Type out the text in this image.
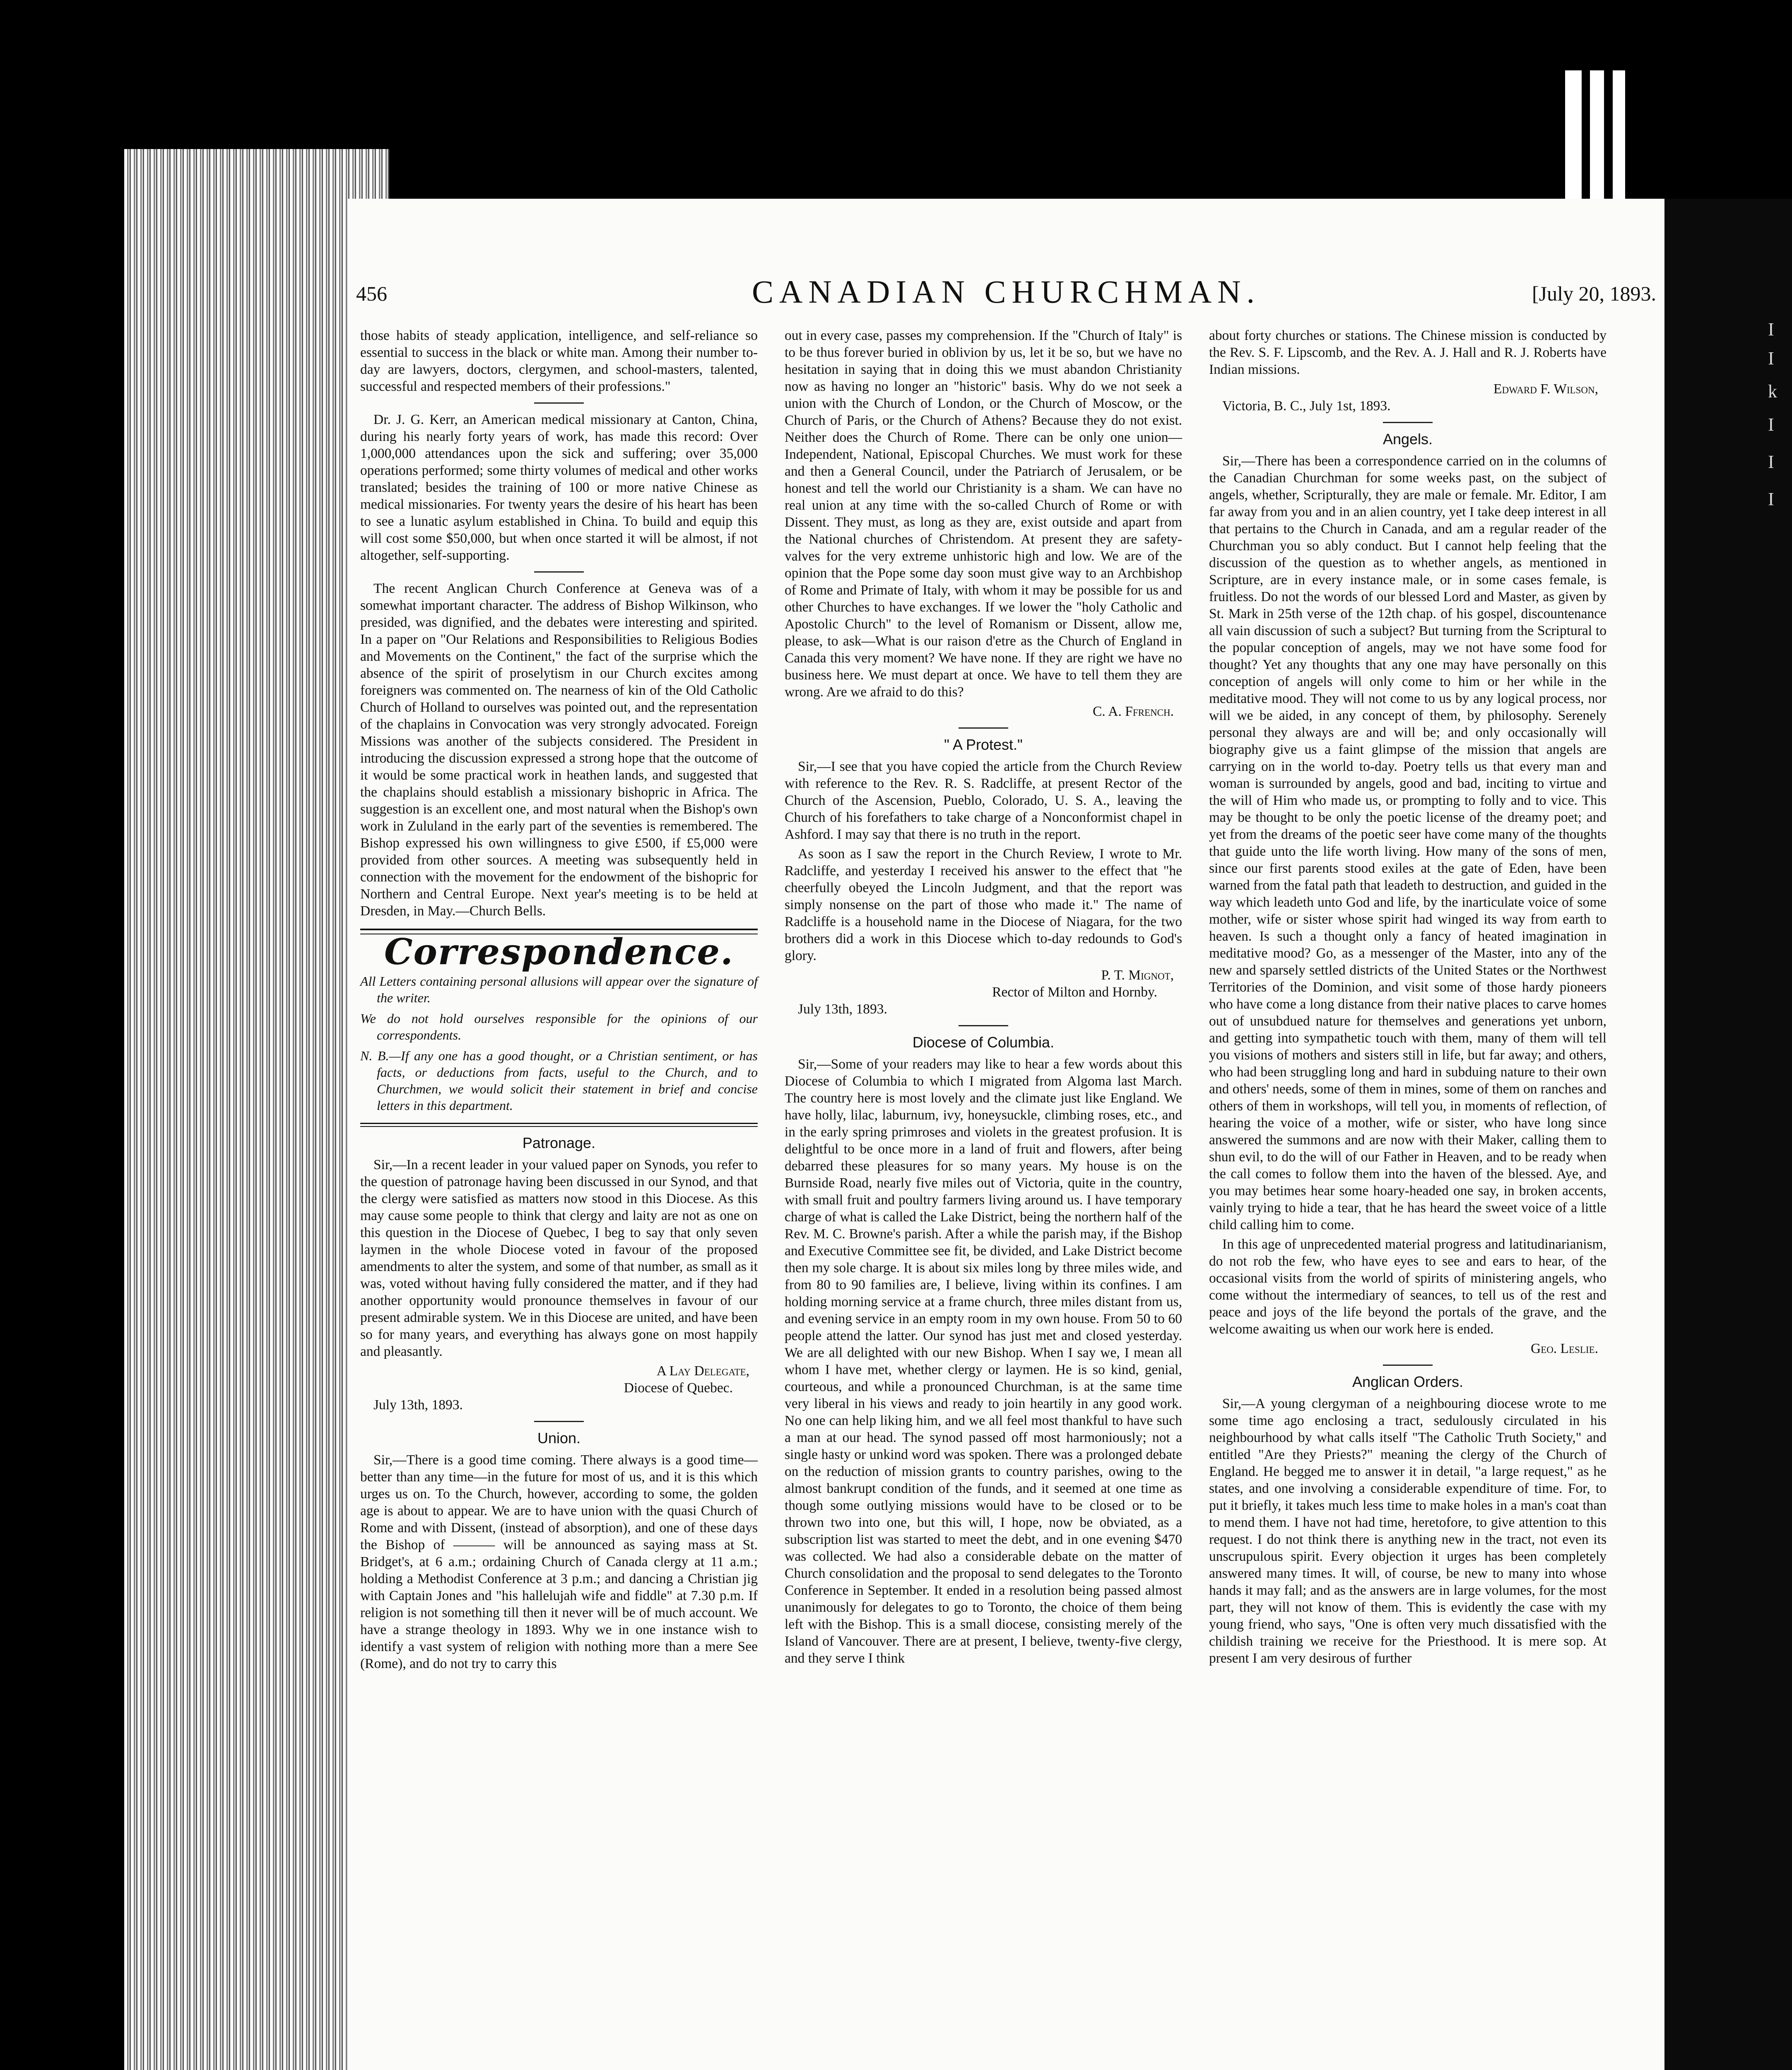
I
I
k
I
I
I
456	CANADIAN CHURCHMAN.	[July 20, 1893.

those habits of steady application, intelligence, and self-reliance so essential to success in the black or white man. Among their number to-day are lawyers, doctors, clergymen, and school-masters, talented, successful and respected members of their professions."

Dr. J. G. Kerr, an American medical missionary at Canton, China, during his nearly forty years of work, has made this record: Over 1,000,000 attendances upon the sick and suffering; over 35,000 operations performed; some thirty volumes of medical and other works translated; besides the training of 100 or more native Chinese as medical missionaries. For twenty years the desire of his heart has been to see a lunatic asylum established in China. To build and equip this will cost some $50,000, but when once started it will be almost, if not altogether, self-supporting.

The recent Anglican Church Conference at Geneva was of a somewhat important character. The address of Bishop Wilkinson, who presided, was dignified, and the debates were interesting and spirited. In a paper on "Our Relations and Responsibilities to Religious Bodies and Movements on the Continent," the fact of the surprise which the absence of the spirit of proselytism in our Church excites among foreigners was commented on. The nearness of kin of the Old Catholic Church of Holland to ourselves was pointed out, and the representation of the chaplains in Convocation was very strongly advocated. Foreign Missions was another of the subjects considered. The President in introducing the discussion expressed a strong hope that the outcome of it would be some practical work in heathen lands, and suggested that the chaplains should establish a missionary bishopric in Africa. The suggestion is an excellent one, and most natural when the Bishop's own work in Zululand in the early part of the seventies is remembered. The Bishop expressed his own willingness to give £500, if £5,000 were provided from other sources. A meeting was subsequently held in connection with the movement for the endowment of the bishopric for Northern and Central Europe. Next year's meeting is to be held at Dresden, in May.—Church Bells.

Correspondence.
All Letters containing personal allusions will appear over the signature of the writer.
We do not hold ourselves responsible for the opinions of our correspondents.
N. B.—If any one has a good thought, or a Christian sentiment, or has facts, or deductions from facts, useful to the Church, and to Churchmen, we would solicit their statement in brief and concise letters in this department.
Patronage.

Sir,—In a recent leader in your valued paper on Synods, you refer to the question of patronage having been discussed in our Synod, and that the clergy were satisfied as matters now stood in this Diocese. As this may cause some people to think that clergy and laity are not as one on this question in the Diocese of Quebec, I beg to say that only seven laymen in the whole Diocese voted in favour of the proposed amendments to alter the system, and some of that number, as small as it was, voted without having fully considered the matter, and if they had another opportunity would pronounce themselves in favour of our present admirable system. We in this Diocese are united, and have been so for many years, and everything has always gone on most happily and pleasantly.

A Lay Delegate,
Diocese of Quebec.

July 13th, 1893.

Union.

Sir,—There is a good time coming. There always is a good time—better than any time—in the future for most of us, and it is this which urges us on. To the Church, however, according to some, the golden age is about to appear. We are to have union with the quasi Church of Rome and with Dissent, (instead of absorption), and one of these days the Bishop of ——— will be announced as saying mass at St. Bridget's, at 6 a.m.; ordaining Church of Canada clergy at 11 a.m.; holding a Methodist Conference at 3 p.m.; and dancing a Christian jig with Captain Jones and "his hallelujah wife and fiddle" at 7.30 p.m. If religion is not something till then it never will be of much account. We have a strange theology in 1893. Why we in one instance wish to identify a vast system of religion with nothing more than a mere See (Rome), and do not try to carry this

out in every case, passes my comprehension. If the "Church of Italy" is to be thus forever buried in oblivion by us, let it be so, but we have no hesitation in saying that in doing this we must abandon Christianity now as having no longer an "historic" basis. Why do we not seek a union with the Church of London, or the Church of Moscow, or the Church of Paris, or the Church of Athens? Because they do not exist. Neither does the Church of Rome. There can be only one union—Independent, National, Episcopal Churches. We must work for these and then a General Council, under the Patriarch of Jerusalem, or be honest and tell the world our Christianity is a sham. We can have no real union at any time with the so-called Church of Rome or with Dissent. They must, as long as they are, exist outside and apart from the National churches of Christendom. At present they are safety-valves for the very extreme unhistoric high and low. We are of the opinion that the Pope some day soon must give way to an Archbishop of Rome and Primate of Italy, with whom it may be possible for us and other Churches to have exchanges. If we lower the "holy Catholic and Apostolic Church" to the level of Romanism or Dissent, allow me, please, to ask—What is our raison d'etre as the Church of England in Canada this very moment? We have none. If they are right we have no business here. We must depart at once. We have to tell them they are wrong. Are we afraid to do this?

C. A. Ffrench.
" A Protest."

Sir,—I see that you have copied the article from the Church Review with reference to the Rev. R. S. Radcliffe, at present Rector of the Church of the Ascension, Pueblo, Colorado, U. S. A., leaving the Church of his forefathers to take charge of a Nonconformist chapel in Ashford. I may say that there is no truth in the report.

As soon as I saw the report in the Church Review, I wrote to Mr. Radcliffe, and yesterday I received his answer to the effect that "he cheerfully obeyed the Lincoln Judgment, and that the report was simply nonsense on the part of those who made it." The name of Radcliffe is a household name in the Diocese of Niagara, for the two brothers did a work in this Diocese which to-day redounds to God's glory.

P. T. Mignot,
Rector of Milton and Hornby.

July 13th, 1893.

Diocese of Columbia.

Sir,—Some of your readers may like to hear a few words about this Diocese of Columbia to which I migrated from Algoma last March. The country here is most lovely and the climate just like England. We have holly, lilac, laburnum, ivy, honeysuckle, climbing roses, etc., and in the early spring primroses and violets in the greatest profusion. It is delightful to be once more in a land of fruit and flowers, after being debarred these pleasures for so many years. My house is on the Burnside Road, nearly five miles out of Victoria, quite in the country, with small fruit and poultry farmers living around us. I have temporary charge of what is called the Lake District, being the northern half of the Rev. M. C. Browne's parish. After a while the parish may, if the Bishop and Executive Committee see fit, be divided, and Lake District become then my sole charge. It is about six miles long by three miles wide, and from 80 to 90 families are, I believe, living within its confines. I am holding morning service at a frame church, three miles distant from us, and evening service in an empty room in my own house. From 50 to 60 people attend the latter. Our synod has just met and closed yesterday. We are all delighted with our new Bishop. When I say we, I mean all whom I have met, whether clergy or laymen. He is so kind, genial, courteous, and while a pronounced Churchman, is at the same time very liberal in his views and ready to join heartily in any good work. No one can help liking him, and we all feel most thankful to have such a man at our head. The synod passed off most harmoniously; not a single hasty or unkind word was spoken. There was a prolonged debate on the reduction of mission grants to country parishes, owing to the almost bankrupt condition of the funds, and it seemed at one time as though some outlying missions would have to be closed or to be thrown two into one, but this will, I hope, now be obviated, as a subscription list was started to meet the debt, and in one evening $470 was collected. We had also a considerable debate on the matter of Church consolidation and the proposal to send delegates to the Toronto Conference in September. It ended in a resolution being passed almost unanimously for delegates to go to Toronto, the choice of them being left with the Bishop. This is a small diocese, consisting merely of the Island of Vancouver. There are at present, I believe, twenty-five clergy, and they serve I think

about forty churches or stations. The Chinese mission is conducted by the Rev. S. F. Lipscomb, and the Rev. A. J. Hall and R. J. Roberts have Indian missions.

Edward F. Wilson,

Victoria, B. C., July 1st, 1893.

Angels.

Sir,—There has been a correspondence carried on in the columns of the Canadian Churchman for some weeks past, on the subject of angels, whether, Scripturally, they are male or female. Mr. Editor, I am far away from you and in an alien country, yet I take deep interest in all that pertains to the Church in Canada, and am a regular reader of the Churchman you so ably conduct. But I cannot help feeling that the discussion of the question as to whether angels, as mentioned in Scripture, are in every instance male, or in some cases female, is fruitless. Do not the words of our blessed Lord and Master, as given by St. Mark in 25th verse of the 12th chap. of his gospel, discountenance all vain discussion of such a subject? But turning from the Scriptural to the popular conception of angels, may we not have some food for thought? Yet any thoughts that any one may have personally on this conception of angels will only come to him or her while in the meditative mood. They will not come to us by any logical process, nor will we be aided, in any concept of them, by philosophy. Serenely personal they always are and will be; and only occasionally will biography give us a faint glimpse of the mission that angels are carrying on in the world to-day. Poetry tells us that every man and woman is surrounded by angels, good and bad, inciting to virtue and the will of Him who made us, or prompting to folly and to vice. This may be thought to be only the poetic license of the dreamy poet; and yet from the dreams of the poetic seer have come many of the thoughts that guide unto the life worth living. How many of the sons of men, since our first parents stood exiles at the gate of Eden, have been warned from the fatal path that leadeth to destruction, and guided in the way which leadeth unto God and life, by the inarticulate voice of some mother, wife or sister whose spirit had winged its way from earth to heaven. Is such a thought only a fancy of heated imagination in meditative mood? Go, as a messenger of the Master, into any of the new and sparsely settled districts of the United States or the Northwest Territories of the Dominion, and visit some of those hardy pioneers who have come a long distance from their native places to carve homes out of unsubdued nature for themselves and generations yet unborn, and getting into sympathetic touch with them, many of them will tell you visions of mothers and sisters still in life, but far away; and others, who had been struggling long and hard in subduing nature to their own and others' needs, some of them in mines, some of them on ranches and others of them in workshops, will tell you, in moments of reflection, of hearing the voice of a mother, wife or sister, who have long since answered the summons and are now with their Maker, calling them to shun evil, to do the will of our Father in Heaven, and to be ready when the call comes to follow them into the haven of the blessed. Aye, and you may betimes hear some hoary-headed one say, in broken accents, vainly trying to hide a tear, that he has heard the sweet voice of a little child calling him to come.

In this age of unprecedented material progress and latitudinarianism, do not rob the few, who have eyes to see and ears to hear, of the occasional visits from the world of spirits of ministering angels, who come without the intermediary of seances, to tell us of the rest and peace and joys of the life beyond the portals of the grave, and the welcome awaiting us when our work here is ended.

Geo. Leslie.
Anglican Orders.

Sir,—A young clergyman of a neighbouring diocese wrote to me some time ago enclosing a tract, sedulously circulated in his neighbourhood by what calls itself "The Catholic Truth Society," and entitled "Are they Priests?" meaning the clergy of the Church of England. He begged me to answer it in detail, "a large request," as he states, and one involving a considerable expenditure of time. For, to put it briefly, it takes much less time to make holes in a man's coat than to mend them. I have not had time, heretofore, to give attention to this request. I do not think there is anything new in the tract, not even its unscrupulous spirit. Every objection it urges has been completely answered many times. It will, of course, be new to many into whose hands it may fall; and as the answers are in large volumes, for the most part, they will not know of them. This is evidently the case with my young friend, who says, "One is often very much dissatisfied with the childish training we receive for the Priesthood. It is mere sop. At present I am very desirous of further
